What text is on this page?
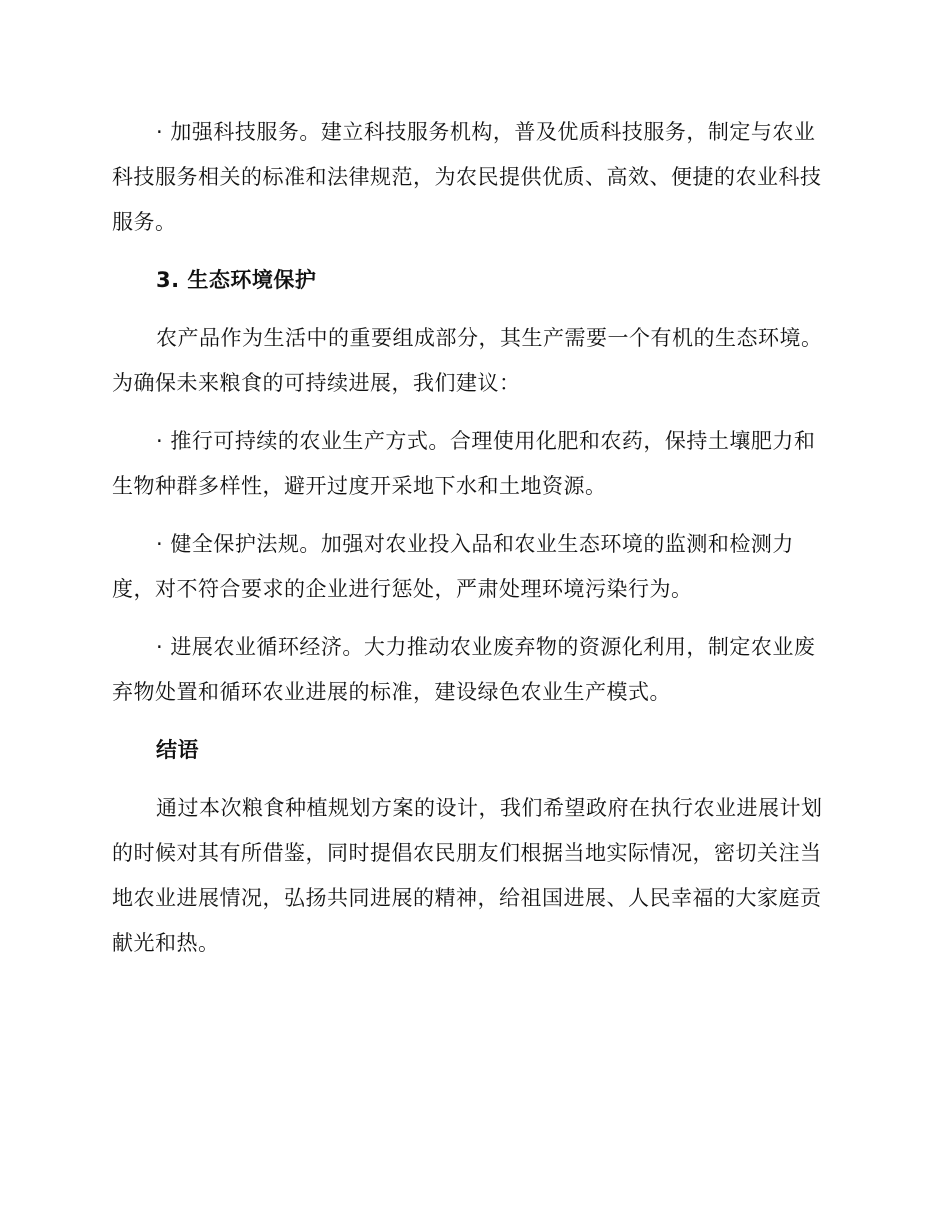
· 加强科技服务。建立科技服务机构，普及优质科技服务，制定与农业科技服务相关的标准和法律规范，为农民提供优质、高效、便捷的农业科技服务。

3. 生态环境保护

农产品作为生活中的重要组成部分，其生产需要一个有机的生态环境。为确保未来粮食的可持续进展，我们建议：

· 推行可持续的农业生产方式。合理使用化肥和农药，保持土壤肥力和生物种群多样性，避开过度开采地下水和土地资源。

· 健全保护法规。加强对农业投入品和农业生态环境的监测和检测力度，对不符合要求的企业进行惩处，严肃处理环境污染行为。

· 进展农业循环经济。大力推动农业废弃物的资源化利用，制定农业废弃物处置和循环农业进展的标准，建设绿色农业生产模式。

结语

通过本次粮食种植规划方案的设计，我们希望政府在执行农业进展计划的时候对其有所借鉴，同时提倡农民朋友们根据当地实际情况，密切关注当地农业进展情况，弘扬共同进展的精神，给祖国进展、人民幸福的大家庭贡献光和热。
